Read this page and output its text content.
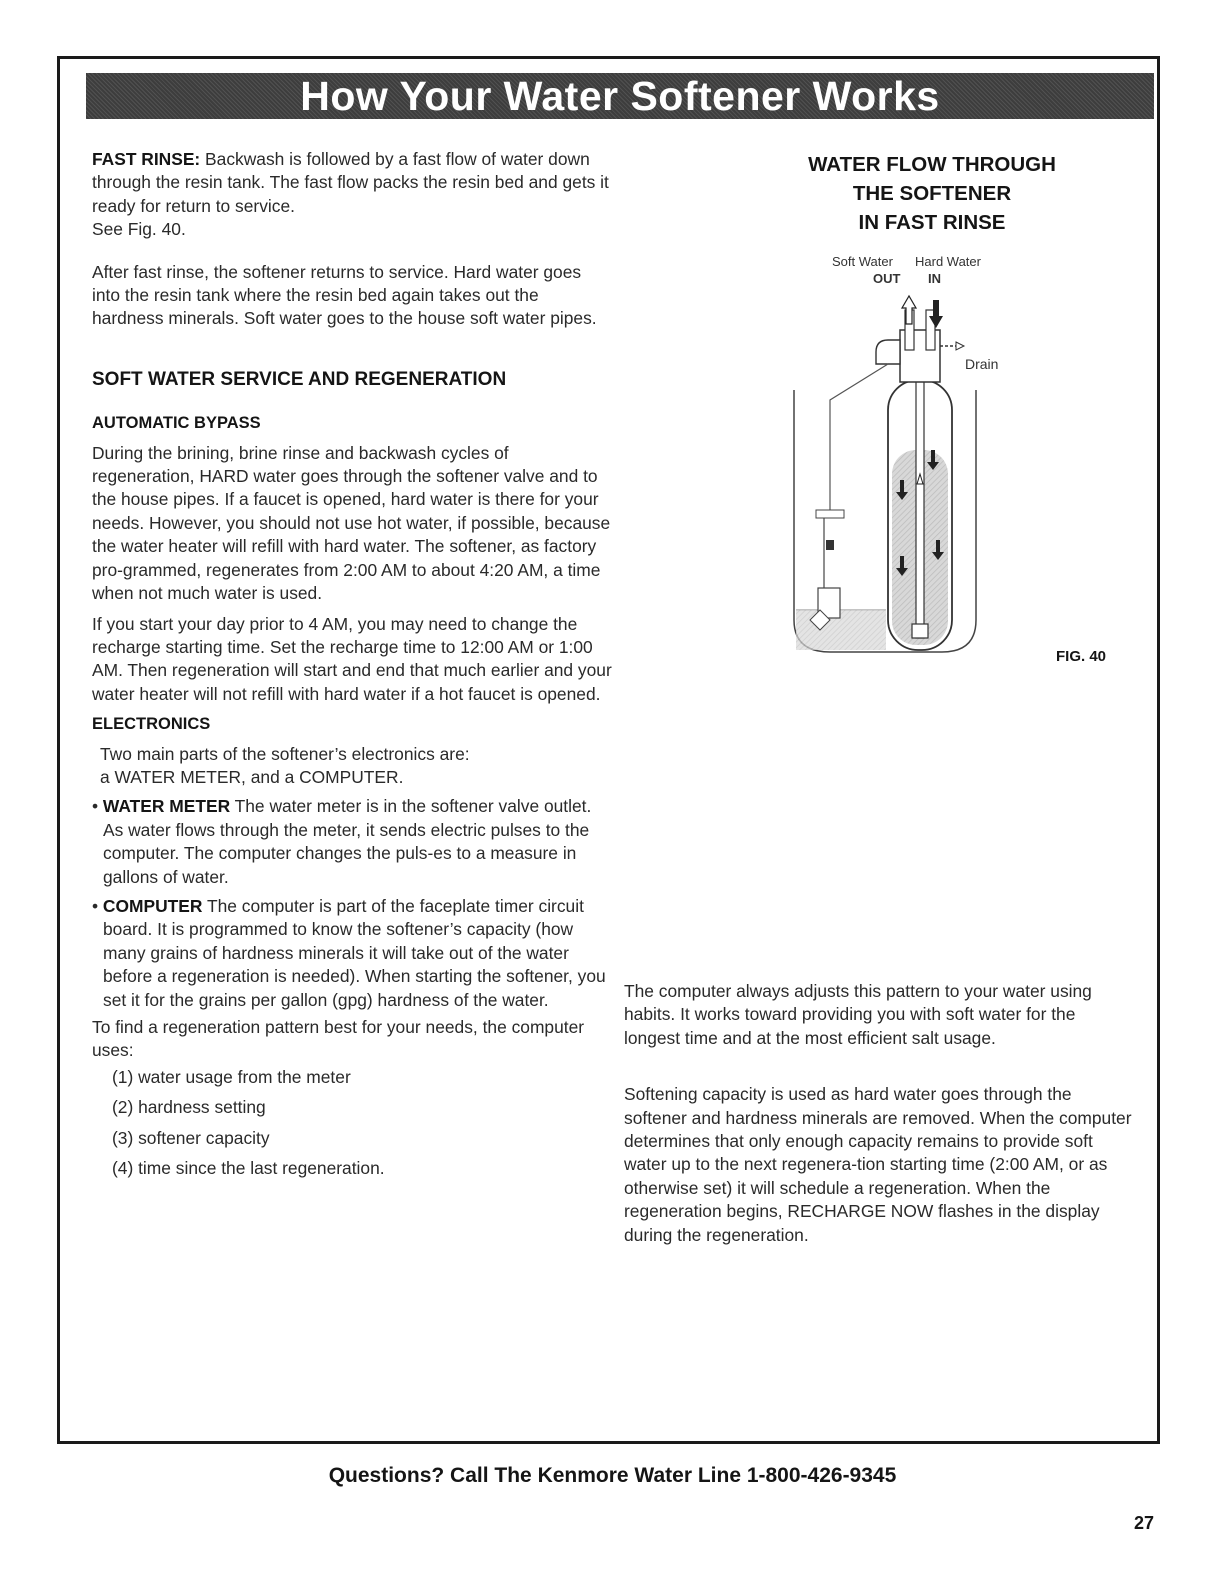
How Your Water Softener Works

FAST RINSE: Backwash is followed by a fast flow of water down through the resin tank. The fast flow packs the resin bed and gets it ready for return to service.

See Fig. 40.

After fast rinse, the softener returns to service. Hard water goes into the resin tank where the resin bed again takes out the hardness minerals. Soft water goes to the house soft water pipes.

SOFT WATER SERVICE AND REGENERATION

AUTOMATIC BYPASS

During the brining, brine rinse and backwash cycles of regeneration, HARD water goes through the softener valve and to the house pipes. If a faucet is opened, hard water is there for your needs. However, you should not use hot water, if possible, because the water heater will refill with hard water. The softener, as factory pro-grammed, regenerates from 2:00 AM to about 4:20 AM, a time when not much water is used.

If you start your day prior to 4 AM, you may need to change the recharge starting time. Set the recharge time to 12:00 AM or 1:00 AM. Then regeneration will start and end that much earlier and your water heater will not refill with hard water if a hot faucet is opened.

ELECTRONICS

Two main parts of the softener’s electronics are:

a WATER METER, and a COMPUTER.

• WATER METER The water meter is in the softener valve outlet. As water flows through the meter, it sends electric pulses to the computer. The computer changes the puls-es to a measure in gallons of water.

• COMPUTER The computer is part of the faceplate timer circuit board. It is programmed to know the softener’s capacity (how many grains of hardness minerals it will take out of the water before a regeneration is needed). When starting the softener, you set it for the grains per gallon (gpg) hardness of the water.

To find a regeneration pattern best for your needs, the computer uses:

(1) water usage from the meter

(2) hardness setting

(3) softener capacity

(4) time since the last regeneration.

WATER FLOW THROUGH
THE SOFTENER
IN FAST RINSE
Soft Water Hard Water
OUT IN
Drain
FIG. 40

The computer always adjusts this pattern to your water using habits. It works toward providing you with soft water for the longest time and at the most efficient salt usage.

Softening capacity is used as hard water goes through the softener and hardness minerals are removed. When the computer determines that only enough capacity remains to provide soft water up to the next regenera-tion starting time (2:00 AM, or as otherwise set) it will schedule a regeneration. When the regeneration begins, RECHARGE NOW flashes in the display during the regeneration.

Questions? Call The Kenmore Water Line 1-800-426-9345
27
